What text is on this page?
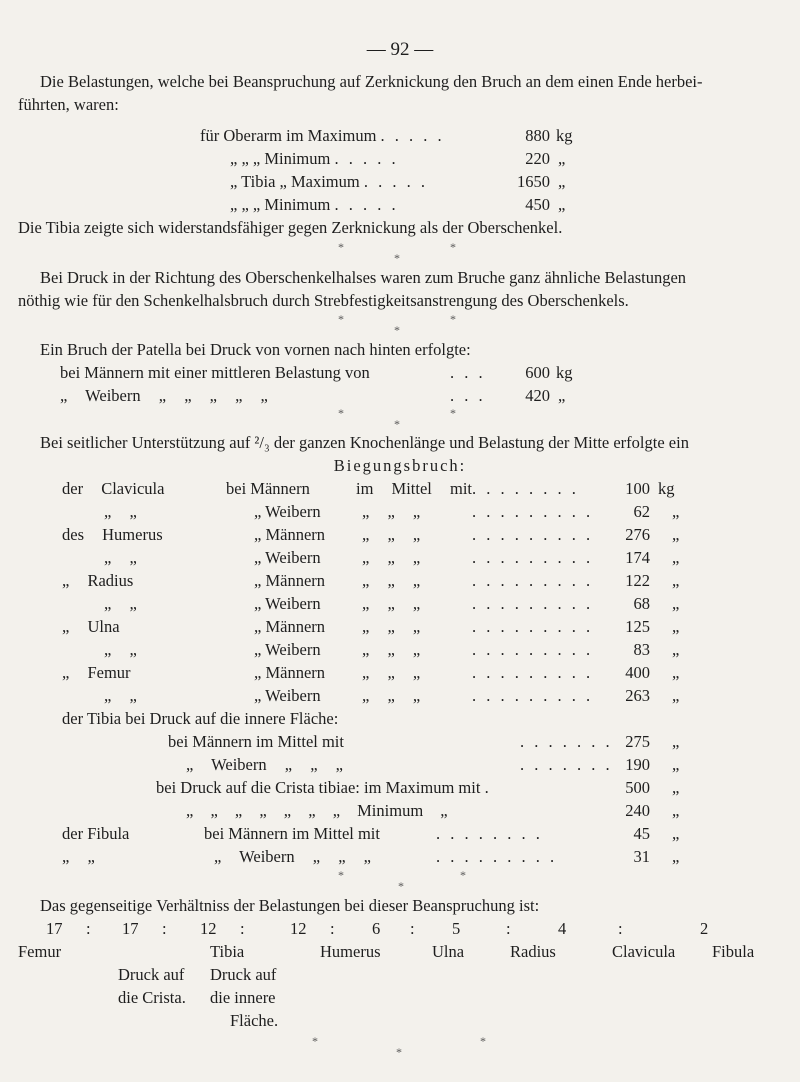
— 92 —
Die Belastungen, welche bei Beanspruchung auf Zerknickung den Bruch an dem einen Ende herbei-
führten, waren:
für Oberarm im Maximum . . . . .	880 kg
„ „ „ Minimum . . . . .	220 „
„ Tibia „ Maximum . . . . .	1650 „
„ „ „ Minimum . . . . .	450 „
Die Tibia zeigte sich widerstandsfähiger gegen Zerknickung als der Oberschenkel.
*	*
*
Bei Druck in der Richtung des Oberschenkelhalses waren zum Bruche ganz ähnliche Belastungen
nöthig wie für den Schenkelhalsbruch durch Strebfestigkeitsanstrengung des Oberschenkels.
*	*
*
Ein Bruch der Patella bei Druck von vornen nach hinten erfolgte:
bei Männern mit einer mittleren Belastung von	. . .	600 kg
„ Weibern „ „ „ „ „	. . .	420 „
*	*
*
Bei seitlicher Unterstützung auf ²/₃ der ganzen Knochenlänge und Belastung der Mitte erfolgte ein
Biegungsbruch:
der Clavicula	bei Männern	im Mittel mit . . . . . . . .	100 kg
„ „	„ Weibern	„ „ „	. . . . . . . . .	62 „
des Humerus	„ Männern „ „ „	. . . . . . . . .	276 „
„ „	„ Weibern	„ „ „	. . . . . . . . .	174 „
„ Radius	„ Männern „ „ „	. . . . . . . . .	122 „
„ „	„ Weibern	„ „ „	. . . . . . . . .	68 „
„ Ulna	„ Männern „ „ „	. . . . . . . . .	125 „
„ „	„ Weibern	„ „ „	. . . . . . . . .	83 „
„ Femur	„ Männern „ „ „	. . . . . . . . .	400 „
„ „	„ Weibern	„ „ „	. . . . . . . . .	263 „
der Tibia bei Druck auf die innere Fläche:
bei Männern im Mittel mit	. . . . . . . 275 „
„ Weibern „ „ „	. . . . . . . 190 „
bei Druck auf die Crista tibiae: im Maximum mit .	500 „
„ „ „ „ „ „ „ Minimum „	240 „
der Fibula	bei Männern im Mittel mit	. . . . . . . .	45 „
„ „	„ Weibern „ „ „	. . . . . . . . .	31 „
*	*
*
Das gegenseitige Verhältniss der Belastungen bei dieser Beanspruchung ist:
17 : 17 : 12 :	12 : 6 : 5	:	4	:	2
Femur	Tibia	Humerus	Ulna	Radius	Clavicula Fibula
Druck auf Druck auf
die Crista. die innere
Fläche.
*	*
*
